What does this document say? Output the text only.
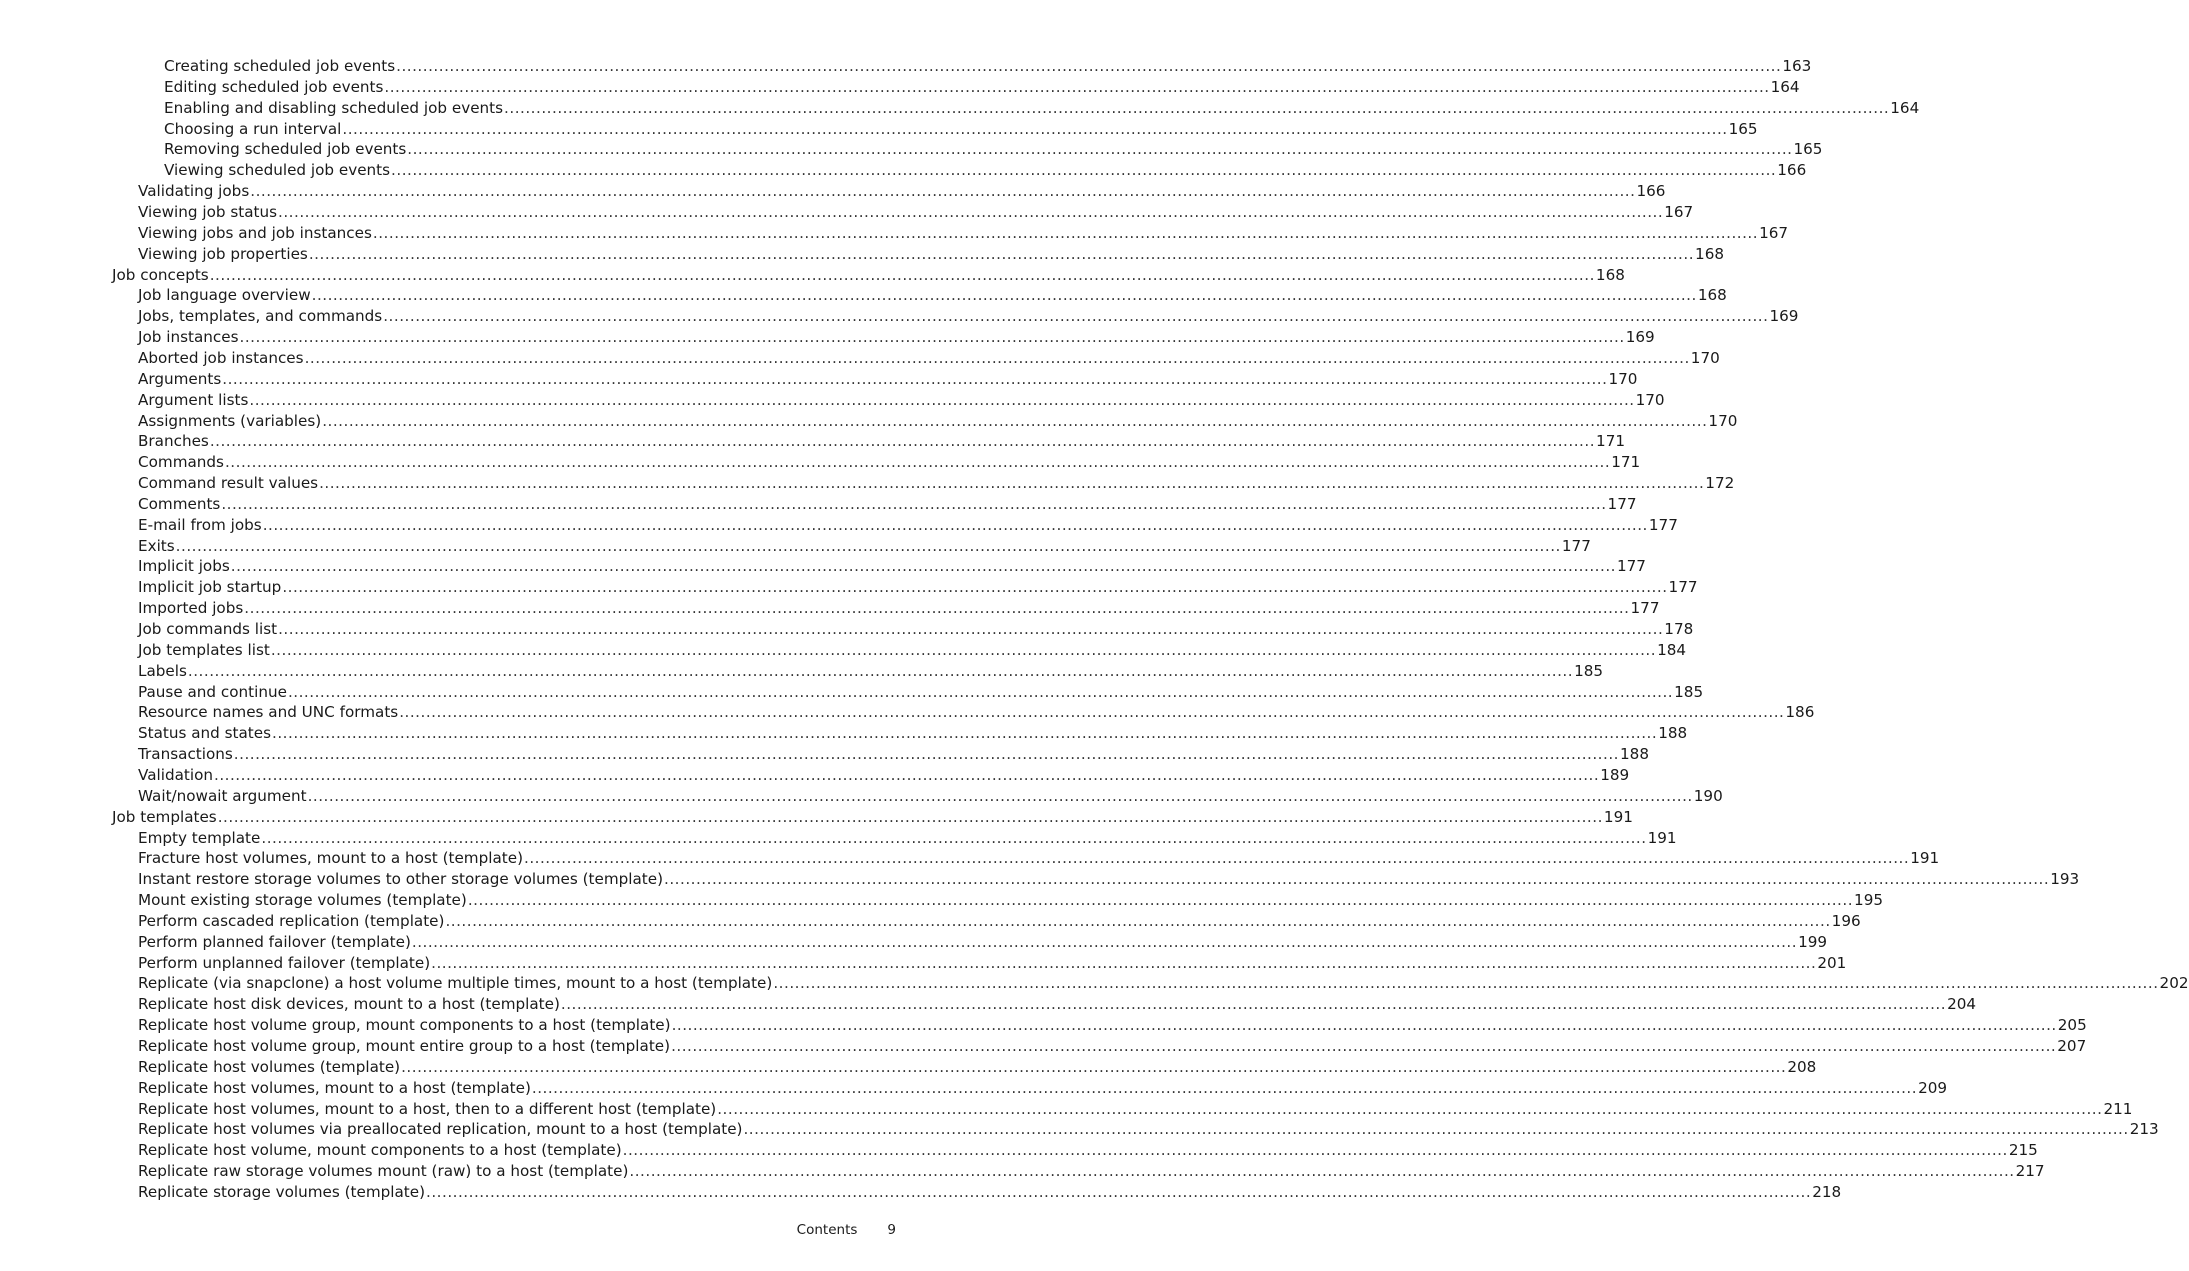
Creating scheduled job events .................................................................................................................................................................................................................................................................... 163
Editing scheduled job events .................................................................................................................................................................................................................................................................... 164
Enabling and disabling scheduled job events .................................................................................................................................................................................................................................................................... 164
Choosing a run interval .................................................................................................................................................................................................................................................................... 165
Removing scheduled job events .................................................................................................................................................................................................................................................................... 165
Viewing scheduled job events .................................................................................................................................................................................................................................................................... 166
Validating jobs .................................................................................................................................................................................................................................................................... 166
Viewing job status .................................................................................................................................................................................................................................................................... 167
Viewing jobs and job instances .................................................................................................................................................................................................................................................................... 167
Viewing job properties .................................................................................................................................................................................................................................................................... 168
Job concepts .................................................................................................................................................................................................................................................................... 168
Job language overview .................................................................................................................................................................................................................................................................... 168
Jobs, templates, and commands .................................................................................................................................................................................................................................................................... 169
Job instances .................................................................................................................................................................................................................................................................... 169
Aborted job instances .................................................................................................................................................................................................................................................................... 170
Arguments .................................................................................................................................................................................................................................................................... 170
Argument lists .................................................................................................................................................................................................................................................................... 170
Assignments (variables) .................................................................................................................................................................................................................................................................... 170
Branches .................................................................................................................................................................................................................................................................... 171
Commands .................................................................................................................................................................................................................................................................... 171
Command result values .................................................................................................................................................................................................................................................................... 172
Comments .................................................................................................................................................................................................................................................................... 177
E-mail from jobs .................................................................................................................................................................................................................................................................... 177
Exits .................................................................................................................................................................................................................................................................... 177
Implicit jobs .................................................................................................................................................................................................................................................................... 177
Implicit job startup .................................................................................................................................................................................................................................................................... 177
Imported jobs .................................................................................................................................................................................................................................................................... 177
Job commands list .................................................................................................................................................................................................................................................................... 178
Job templates list .................................................................................................................................................................................................................................................................... 184
Labels .................................................................................................................................................................................................................................................................... 185
Pause and continue .................................................................................................................................................................................................................................................................... 185
Resource names and UNC formats .................................................................................................................................................................................................................................................................... 186
Status and states .................................................................................................................................................................................................................................................................... 188
Transactions .................................................................................................................................................................................................................................................................... 188
Validation .................................................................................................................................................................................................................................................................... 189
Wait/nowait argument .................................................................................................................................................................................................................................................................... 190
Job templates .................................................................................................................................................................................................................................................................... 191
Empty template .................................................................................................................................................................................................................................................................... 191
Fracture host volumes, mount to a host (template) .................................................................................................................................................................................................................................................................... 191
Instant restore storage volumes to other storage volumes (template) .................................................................................................................................................................................................................................................................... 193
Mount existing storage volumes (template) .................................................................................................................................................................................................................................................................... 195
Perform cascaded replication (template) .................................................................................................................................................................................................................................................................... 196
Perform planned failover (template) .................................................................................................................................................................................................................................................................... 199
Perform unplanned failover (template) .................................................................................................................................................................................................................................................................... 201
Replicate (via snapclone) a host volume multiple times, mount to a host (template) .................................................................................................................................................................................................................................................................... 202
Replicate host disk devices, mount to a host (template) .................................................................................................................................................................................................................................................................... 204
Replicate host volume group, mount components to a host (template) .................................................................................................................................................................................................................................................................... 205
Replicate host volume group, mount entire group to a host (template) .................................................................................................................................................................................................................................................................... 207
Replicate host volumes (template) .................................................................................................................................................................................................................................................................... 208
Replicate host volumes, mount to a host (template) .................................................................................................................................................................................................................................................................... 209
Replicate host volumes, mount to a host, then to a different host (template) .................................................................................................................................................................................................................................................................... 211
Replicate host volumes via preallocated replication, mount to a host (template) .................................................................................................................................................................................................................................................................... 213
Replicate host volume, mount components to a host (template) .................................................................................................................................................................................................................................................................... 215
Replicate raw storage volumes mount (raw) to a host (template) .................................................................................................................................................................................................................................................................... 217
Replicate storage volumes (template) .................................................................................................................................................................................................................................................................... 218
Contents 9
